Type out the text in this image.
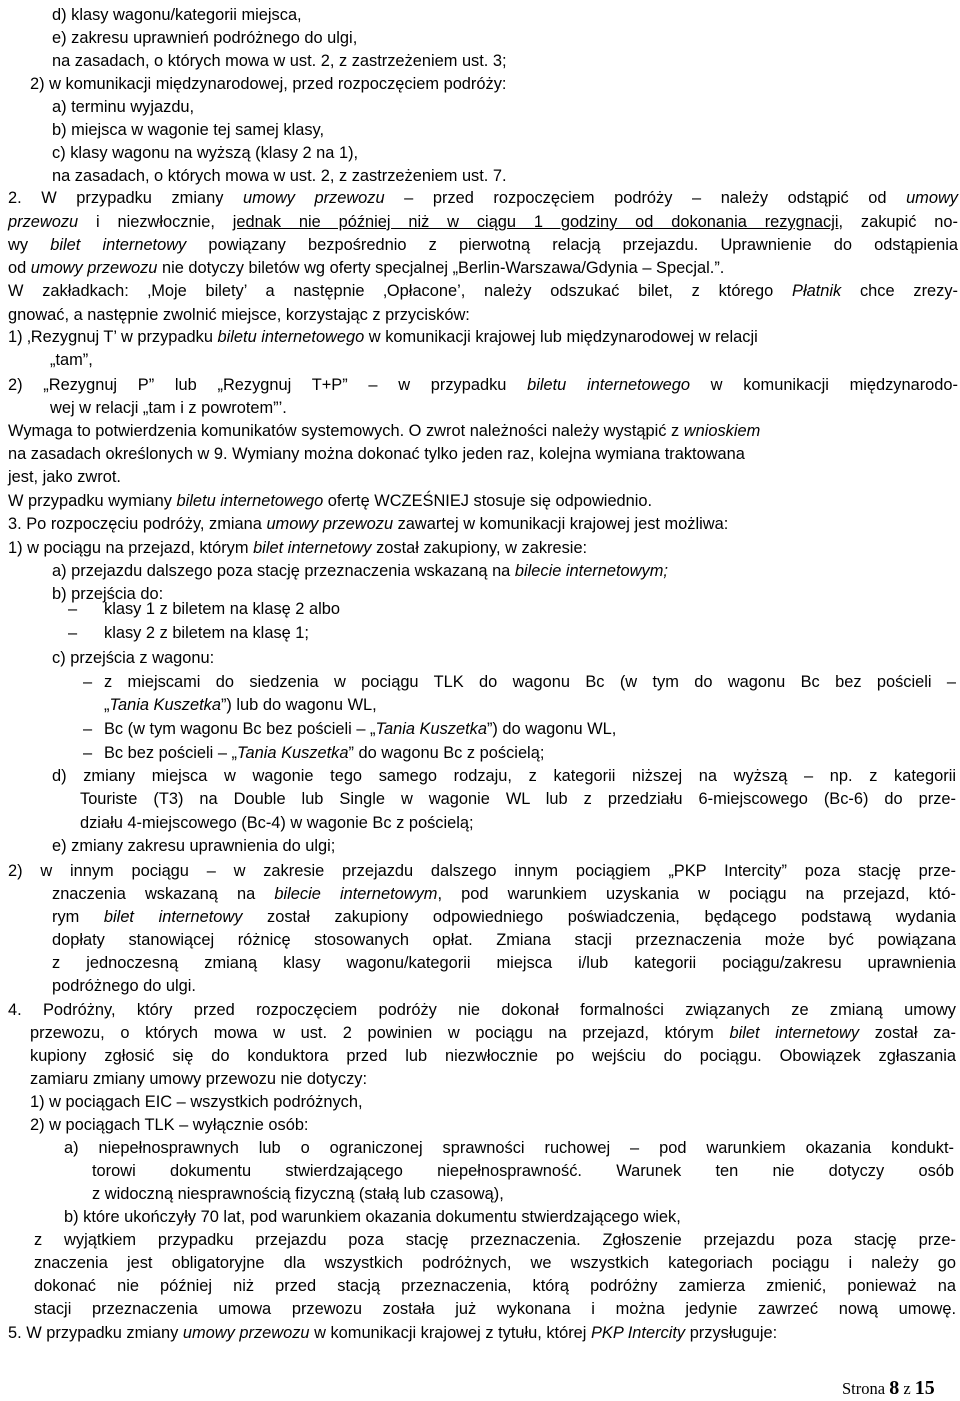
d) klasy wagonu/kategorii miejsca,

e) zakresu uprawnień podróżnego do ulgi,

na zasadach, o których mowa w ust. 2, z zastrzeżeniem ust. 3;

2) w komunikacji międzynarodowej, przed rozpoczęciem podróży:

a) terminu wyjazdu,

b) miejsca w wagonie tej samej klasy,

c) klasy wagonu na wyższą (klasy 2 na 1),

na zasadach, o których mowa w ust. 2, z zastrzeżeniem ust. 7.

2. W przypadku zmiany umowy przewozu – przed rozpoczęciem podróży – należy odstąpić od umowy

przewozu i niezwłocznie, jednak nie później niż w ciągu 1 godziny od dokonania rezygnacji, zakupić no-

wy bilet internetowy powiązany bezpośrednio z pierwotną relacją przejazdu. Uprawnienie do odstąpienia

od umowy przewozu nie dotyczy biletów wg oferty specjalnej „Berlin-Warszawa/Gdynia – Specjal.”.

W zakładkach: ‚Moje bilety’ a następnie ‚Opłacone’, należy odszukać bilet, z którego Płatnik chce zrezy-

gnować, a następnie zwolnić miejsce, korzystając z przycisków:

1) ‚Rezygnuj T’ w przypadku biletu internetowego w komunikacji krajowej lub międzynarodowej w relacji

„tam”,

2) „Rezygnuj P” lub „Rezygnuj T+P” – w przypadku biletu internetowego w komunikacji międzynarodo-

wej w relacji „tam i z powrotem”’.

Wymaga to potwierdzenia komunikatów systemowych. O zwrot należności należy wystąpić z wnioskiem

na zasadach określonych w 9. Wymiany można dokonać tylko jeden raz, kolejna wymiana traktowana

jest, jako zwrot.

W przypadku wymiany biletu internetowego ofertę WCZEŚNIEJ stosuje się odpowiednio.

3. Po rozpoczęciu podróży, zmiana umowy przewozu zawartej w komunikacji krajowej jest możliwa:

1) w pociągu na przejazd, którym bilet internetowy został zakupiony, w zakresie:

a) przejazdu dalszego poza stację przeznaczenia wskazaną na bilecie internetowym;

b) przejścia do:

– klasy 1 z biletem na klasę 2 albo

– klasy 2 z biletem na klasę 1;

c) przejścia z wagonu:

– z miejscami do siedzenia w pociągu TLK do wagonu Bc (w tym do wagonu Bc bez pościeli –

„Tania Kuszetka”) lub do wagonu WL,

– Bc (w tym wagonu Bc bez pościeli – „Tania Kuszetka”) do wagonu WL,

– Bc bez pościeli – „Tania Kuszetka” do wagonu Bc z pościelą;

d) zmiany miejsca w wagonie tego samego rodzaju, z kategorii niższej na wyższą – np. z kategorii

Touriste (T3) na Double lub Single w wagonie WL lub z przedziału 6-miejscowego (Bc-6) do prze-

działu 4-miejscowego (Bc-4) w wagonie Bc z pościelą;

e) zmiany zakresu uprawnienia do ulgi;

2) w innym pociągu – w zakresie przejazdu dalszego innym pociągiem „PKP Intercity” poza stację prze-

znaczenia wskazaną na bilecie internetowym, pod warunkiem uzyskania w pociągu na przejazd, któ-

rym bilet internetowy został zakupiony odpowiedniego poświadczenia, będącego podstawą wydania

dopłaty stanowiącej różnicę stosowanych opłat. Zmiana stacji przeznaczenia może być powiązana

z jednoczesną zmianą klasy wagonu/kategorii miejsca i/lub kategorii pociągu/zakresu uprawnienia

podróżnego do ulgi.

4. Podróżny, który przed rozpoczęciem podróży nie dokonał formalności związanych ze zmianą umowy

przewozu, o których mowa w ust. 2 powinien w pociągu na przejazd, którym bilet internetowy został za-

kupiony zgłosić się do konduktora przed lub niezwłocznie po wejściu do pociągu. Obowiązek zgłaszania

zamiaru zmiany umowy przewozu nie dotyczy:

1) w pociągach EIC – wszystkich podróżnych,

2) w pociągach TLK – wyłącznie osób:

a) niepełnosprawnych lub o ograniczonej sprawności ruchowej – pod warunkiem okazania kondukt-

torowi dokumentu stwierdzającego niepełnosprawność. Warunek ten nie dotyczy osób

z widoczną niesprawnością fizyczną (stałą lub czasową),

b) które ukończyły 70 lat, pod warunkiem okazania dokumentu stwierdzającego wiek,

z wyjątkiem przypadku przejazdu poza stację przeznaczenia. Zgłoszenie przejazdu poza stację prze-

znaczenia jest obligatoryjne dla wszystkich podróżnych, we wszystkich kategoriach pociągu i należy go

dokonać nie później niż przed stacją przeznaczenia, którą podróżny zamierza zmienić, ponieważ na

stacji przeznaczenia umowa przewozu została już wykonana i można jedynie zawrzeć nową umowę.

5. W przypadku zmiany umowy przewozu w komunikacji krajowej z tytułu, której PKP Intercity przysługuje:

Strona 8 z 15
